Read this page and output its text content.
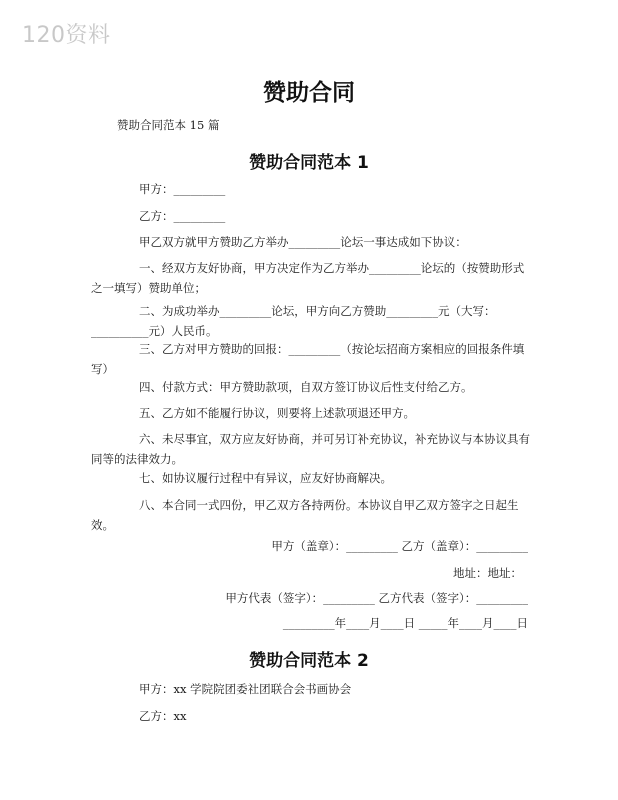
120资料
赞助合同
赞助合同范本 15 篇
赞助合同范本 1
甲方：_________
乙方：_________
甲乙双方就甲方赞助乙方举办_________论坛一事达成如下协议：
一、经双方友好协商，甲方决定作为乙方举办_________论坛的（按赞助形式之一填写）赞助单位；
二、为成功举办_________论坛，甲方向乙方赞助_________元（大写：__________元）人民币。
三、乙方对甲方赞助的回报：_________（按论坛招商方案相应的回报条件填写）
四、付款方式：甲方赞助款项，自双方签订协议后性支付给乙方。
五、乙方如不能履行协议，则要将上述款项退还甲方。
六、未尽事宜，双方应友好协商，并可另订补充协议，补充协议与本协议具有同等的法律效力。
七、如协议履行过程中有异议，应友好协商解决。
八、本合同一式四份，甲乙双方各持两份。本协议自甲乙双方签字之日起生效。
甲方（盖章）：_________ 乙方（盖章）：_________
地址：地址：
甲方代表（签字）：_________ 乙方代表（签字）：_________
_________年____月____日 _____年____月____日
赞助合同范本 2
甲方：xx 学院院团委社团联合会书画协会
乙方：xx
